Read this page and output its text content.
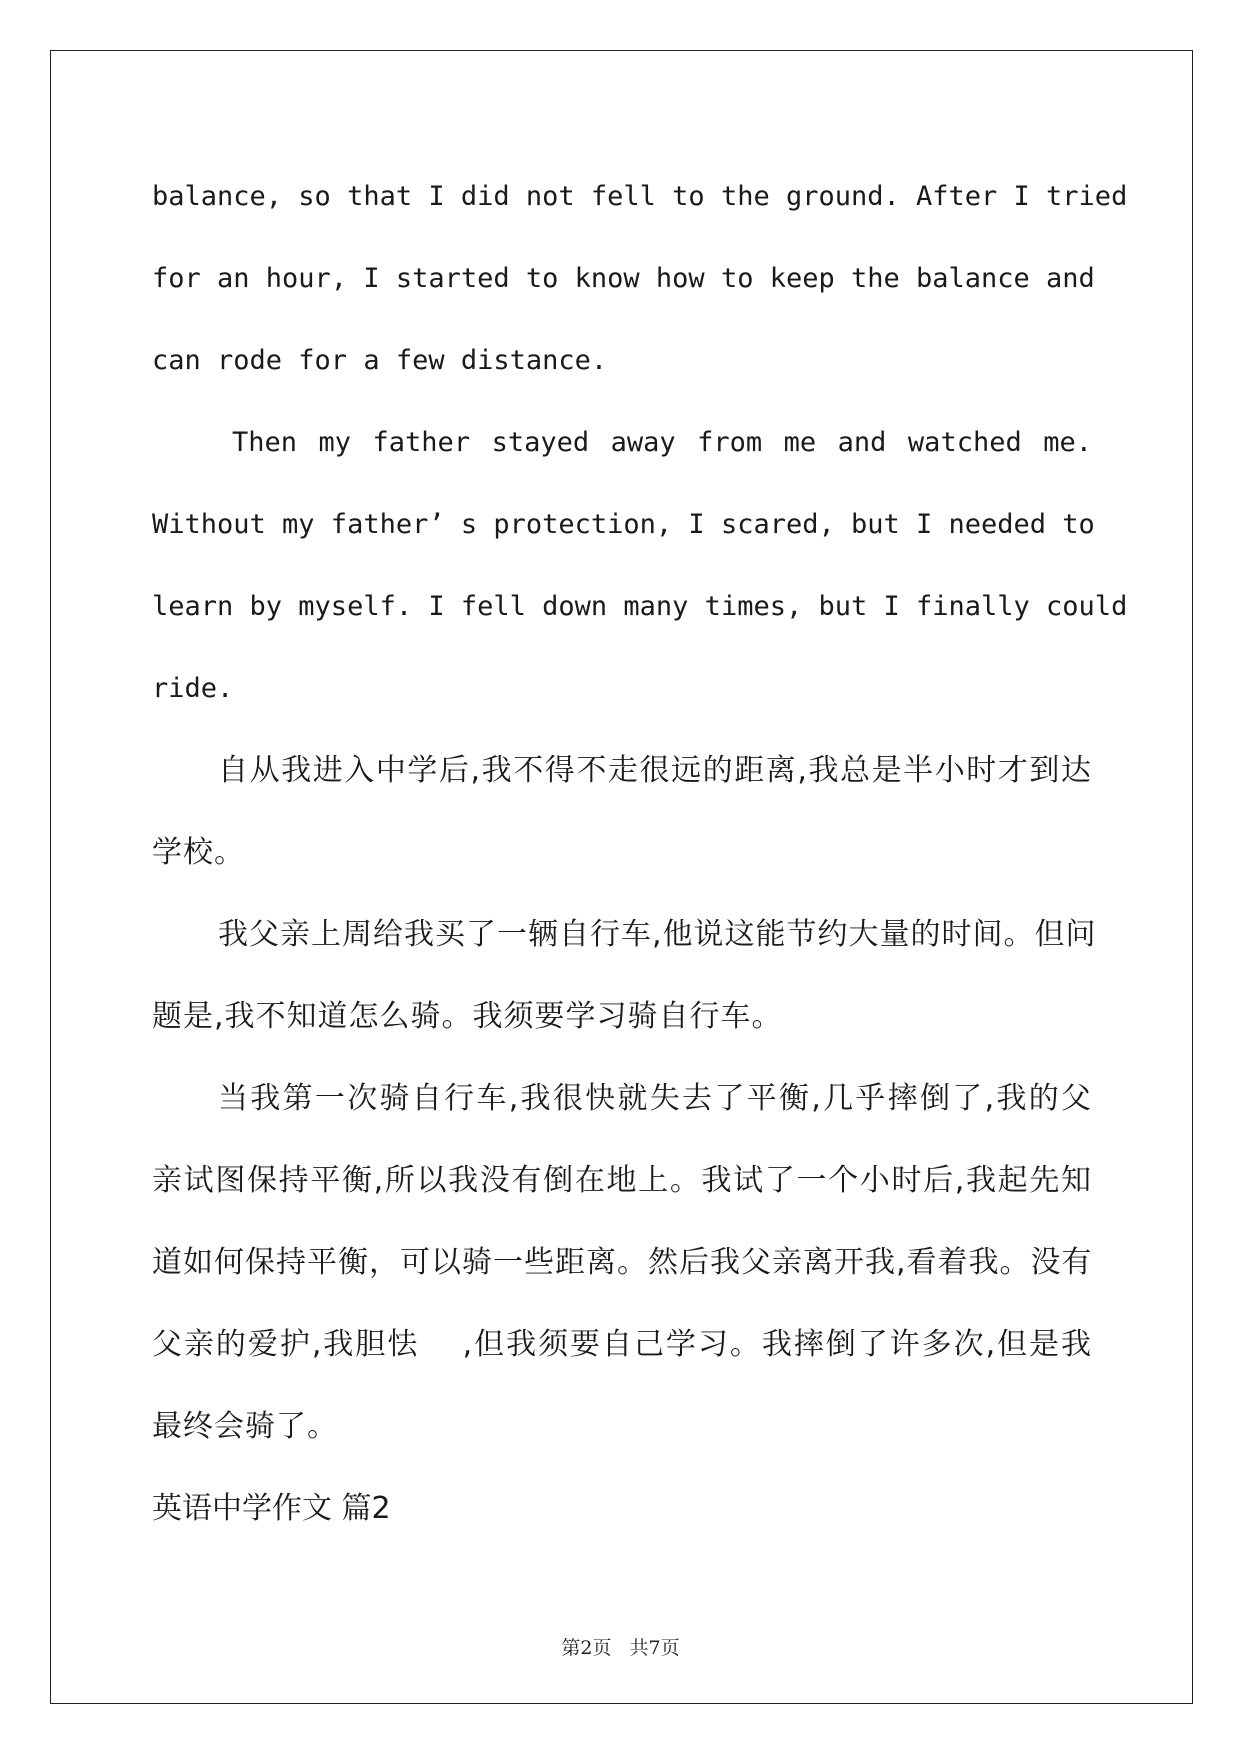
balance, so that I did not fell to the ground. After I tried

for an hour, I started to know how to keep the balance and

can rode for a few distance.

Then my father stayed away from me and watched me.

Without my father’ s protection, I scared, but I needed to

learn by myself. I fell down many times, but I finally could

ride.

自从我进入中学后,我不得不走很远的距离,我总是半小时才到达

学校。

我父亲上周给我买了一辆自行车,他说这能节约大量的时间。但问

题是,我不知道怎么骑。我须要学习骑自行车。

当我第一次骑自行车,我很快就失去了平衡,几乎摔倒了,我的父

亲试图保持平衡,所以我没有倒在地上。我试了一个小时后,我起先知

道如何保持平衡，可以骑一些距离。然后我父亲离开我,看着我。没有

父亲的爱护,我胆怯　 ,但我须要自己学习。我摔倒了许多次,但是我

最终会骑了。

英语中学作文 篇2

第2页 共7页
